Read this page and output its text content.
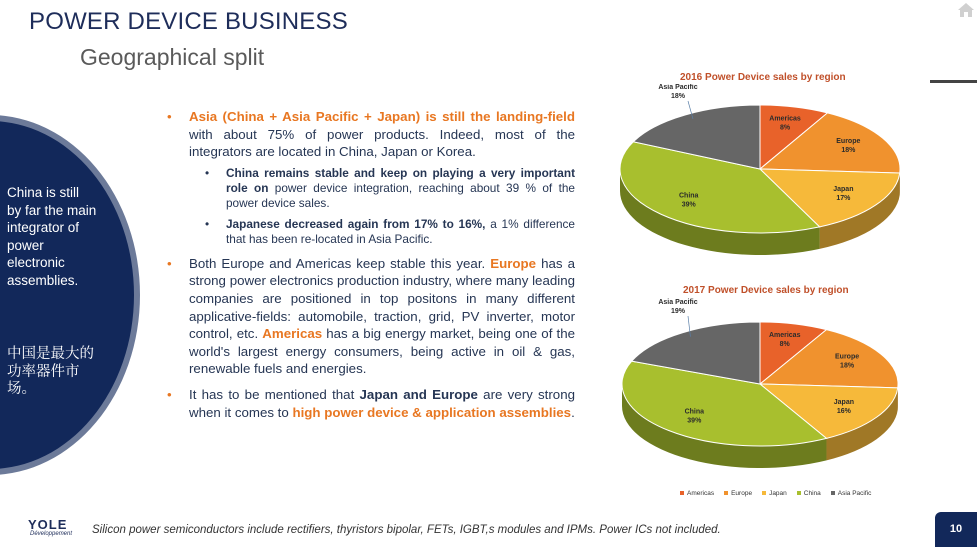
POWER DEVICE BUSINESS
Geographical split
China is still by far the main integrator of power electronic assemblies.
中国是最大的功率器件市场。
• Asia (China + Asia Pacific + Japan) is still the landing-field with about 75% of power products. Indeed, most of the integrators are located in China, Japan or Korea.
• China remains stable and keep on playing a very important role on power device integration, reaching about 39 % of the power device sales.
• Japanese decreased again from 17% to 16%, a 1% difference that has been re-located in Asia Pacific.
• Both Europe and Americas keep stable this year. Europe has a strong power electronics production industry, where many leading companies are positioned in top positons in many different applicative-fields: automobile, traction, grid, PV inverter, motor control, etc. Americas has a big energy market, being one of the world's largest energy consumers, being active in oil & gas, renewable fuels and energies.
• It has to be mentioned that Japan and Europe are very strong when it comes to high power device & application assemblies.
2016 Power Device sales by region
Americas
8%
Europe
18%
Japan
17%
China
39%
Asia Pacific
18%
2017 Power Device sales by region
Americas
8%
Europe
18%
Japan
16%
China
39%
Asia Pacific
19%
Americas	Europe	Japan	China	Asia Pacific
YOLE
Développement Silicon power semiconductors include rectifiers, thyristors bipolar, FETs, IGBT,s modules and IPMs. Power ICs not included.	10
